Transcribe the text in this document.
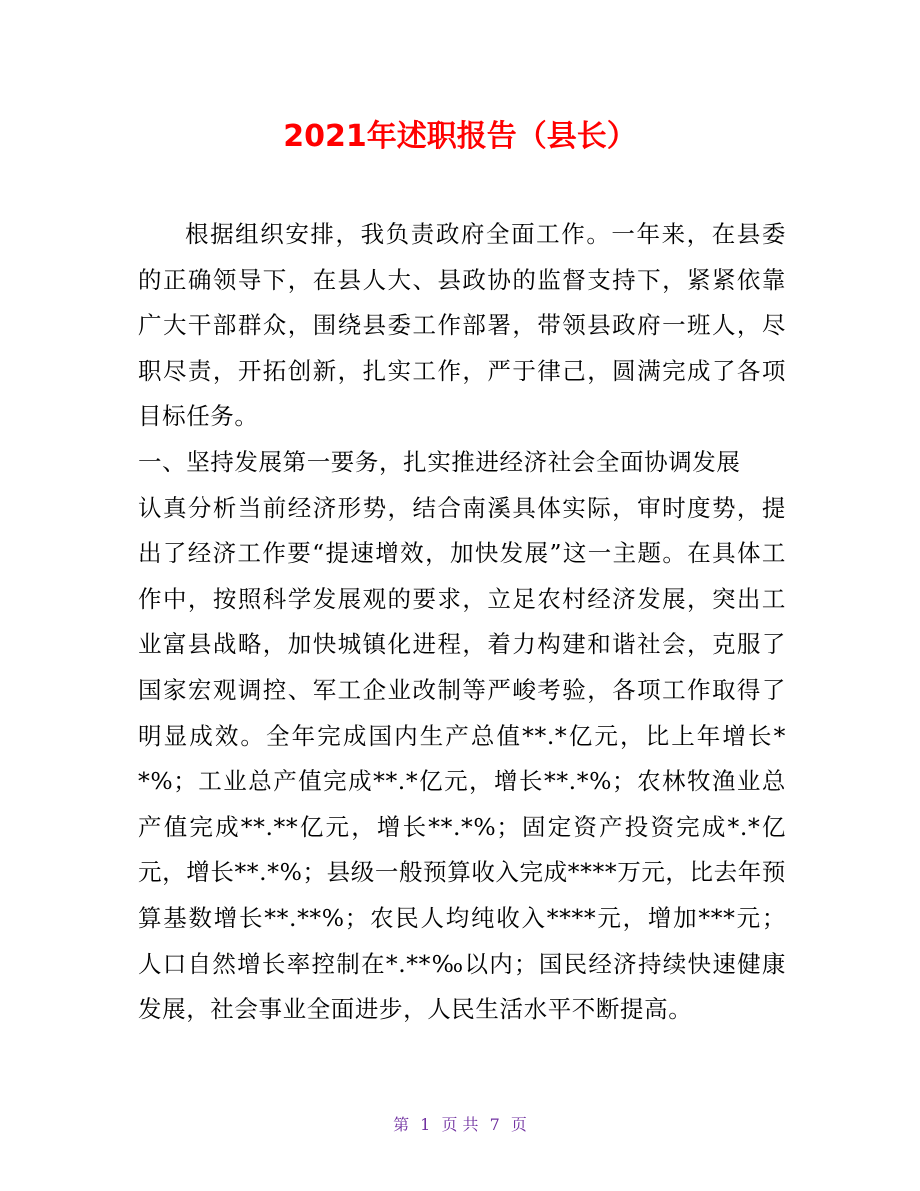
2021年述职报告（县长）

根据组织安排，我负责政府全面工作。一年来，在县委的正确领导下，在县人大、县政协的监督支持下，紧紧依靠广大干部群众，围绕县委工作部署，带领县政府一班人，尽职尽责，开拓创新，扎实工作，严于律己，圆满完成了各项目标任务。

一、坚持发展第一要务，扎实推进经济社会全面协调发展

认真分析当前经济形势，结合南溪具体实际，审时度势，提出了经济工作要“提速增效，加快发展”这一主题。在具体工作中，按照科学发展观的要求，立足农村经济发展，突出工业富县战略，加快城镇化进程，着力构建和谐社会，克服了国家宏观调控、军工企业改制等严峻考验，各项工作取得了明显成效。全年完成国内生产总值**.*亿元，比上年增长**%；工业总产值完成**.*亿元，增长**.*%；农林牧渔业总产值完成**.**亿元，增长**.*%；固定资产投资完成*.*亿元，增长**.*%；县级一般预算收入完成****万元，比去年预算基数增长**.**%；农民人均纯收入****元，增加***元；人口自然增长率控制在*.**‰以内；国民经济持续快速健康发展，社会事业全面进步，人民生活水平不断提高。

第 1 页 共 7 页
